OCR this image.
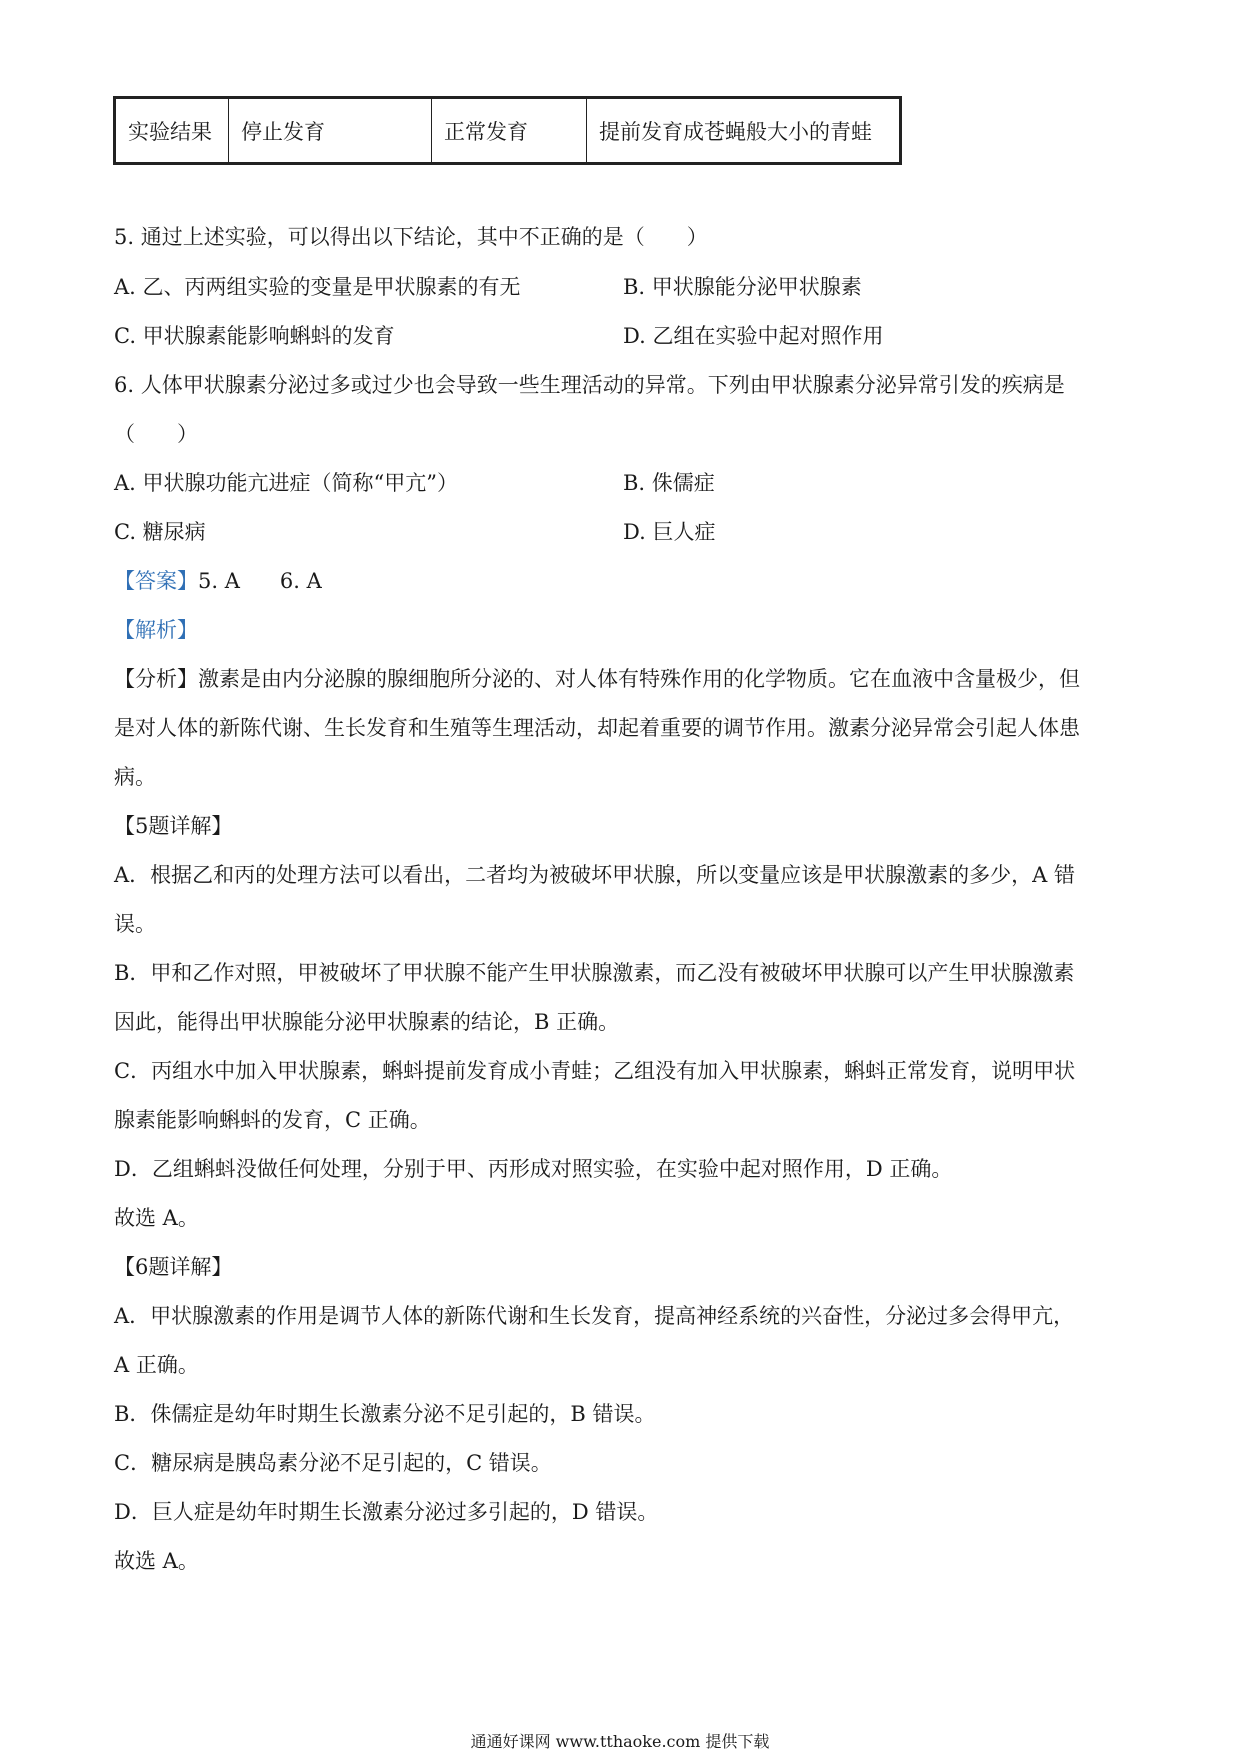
实验结果	停止发育	正常发育	提前发育成苍蝇般大小的青蛙
5. 通过上述实验，可以得出以下结论，其中不正确的是（　　）
A. 乙、丙两组实验的变量是甲状腺素的有无	B. 甲状腺能分泌甲状腺素
C. 甲状腺素能影响蝌蚪的发育	D. 乙组在实验中起对照作用
6. 人体甲状腺素分泌过多或过少也会导致一些生理活动的异常。下列由甲状腺素分泌异常引发的疾病是
（　　）
A. 甲状腺功能亢进症（简称“甲亢”）	B. 侏儒症
C. 糖尿病	D. 巨人症
【答案】5. A 6. A
【解析】
【分析】激素是由内分泌腺的腺细胞所分泌的、对人体有特殊作用的化学物质。它在血液中含量极少，但
是对人体的新陈代谢、生长发育和生殖等生理活动，却起着重要的调节作用。激素分泌异常会引起人体患
病。
【5题详解】
A．根据乙和丙的处理方法可以看出，二者均为被破坏甲状腺，所以变量应该是甲状腺激素的多少，A 错
误。
B．甲和乙作对照，甲被破坏了甲状腺不能产生甲状腺激素，而乙没有被破坏甲状腺可以产生甲状腺激素
因此，能得出甲状腺能分泌甲状腺素的结论，B 正确。
C．丙组水中加入甲状腺素，蝌蚪提前发育成小青蛙；乙组没有加入甲状腺素，蝌蚪正常发育，说明甲状
腺素能影响蝌蚪的发育，C 正确。
D．乙组蝌蚪没做任何处理，分别于甲、丙形成对照实验，在实验中起对照作用，D 正确。
故选 A。
【6题详解】
A．甲状腺激素的作用是调节人体的新陈代谢和生长发育，提高神经系统的兴奋性，分泌过多会得甲亢，
A 正确。
B．侏儒症是幼年时期生长激素分泌不足引起的，B 错误。
C．糖尿病是胰岛素分泌不足引起的，C 错误。
D．巨人症是幼年时期生长激素分泌过多引起的，D 错误。
故选 A。
通通好课网 www.tthaoke.com 提供下载
